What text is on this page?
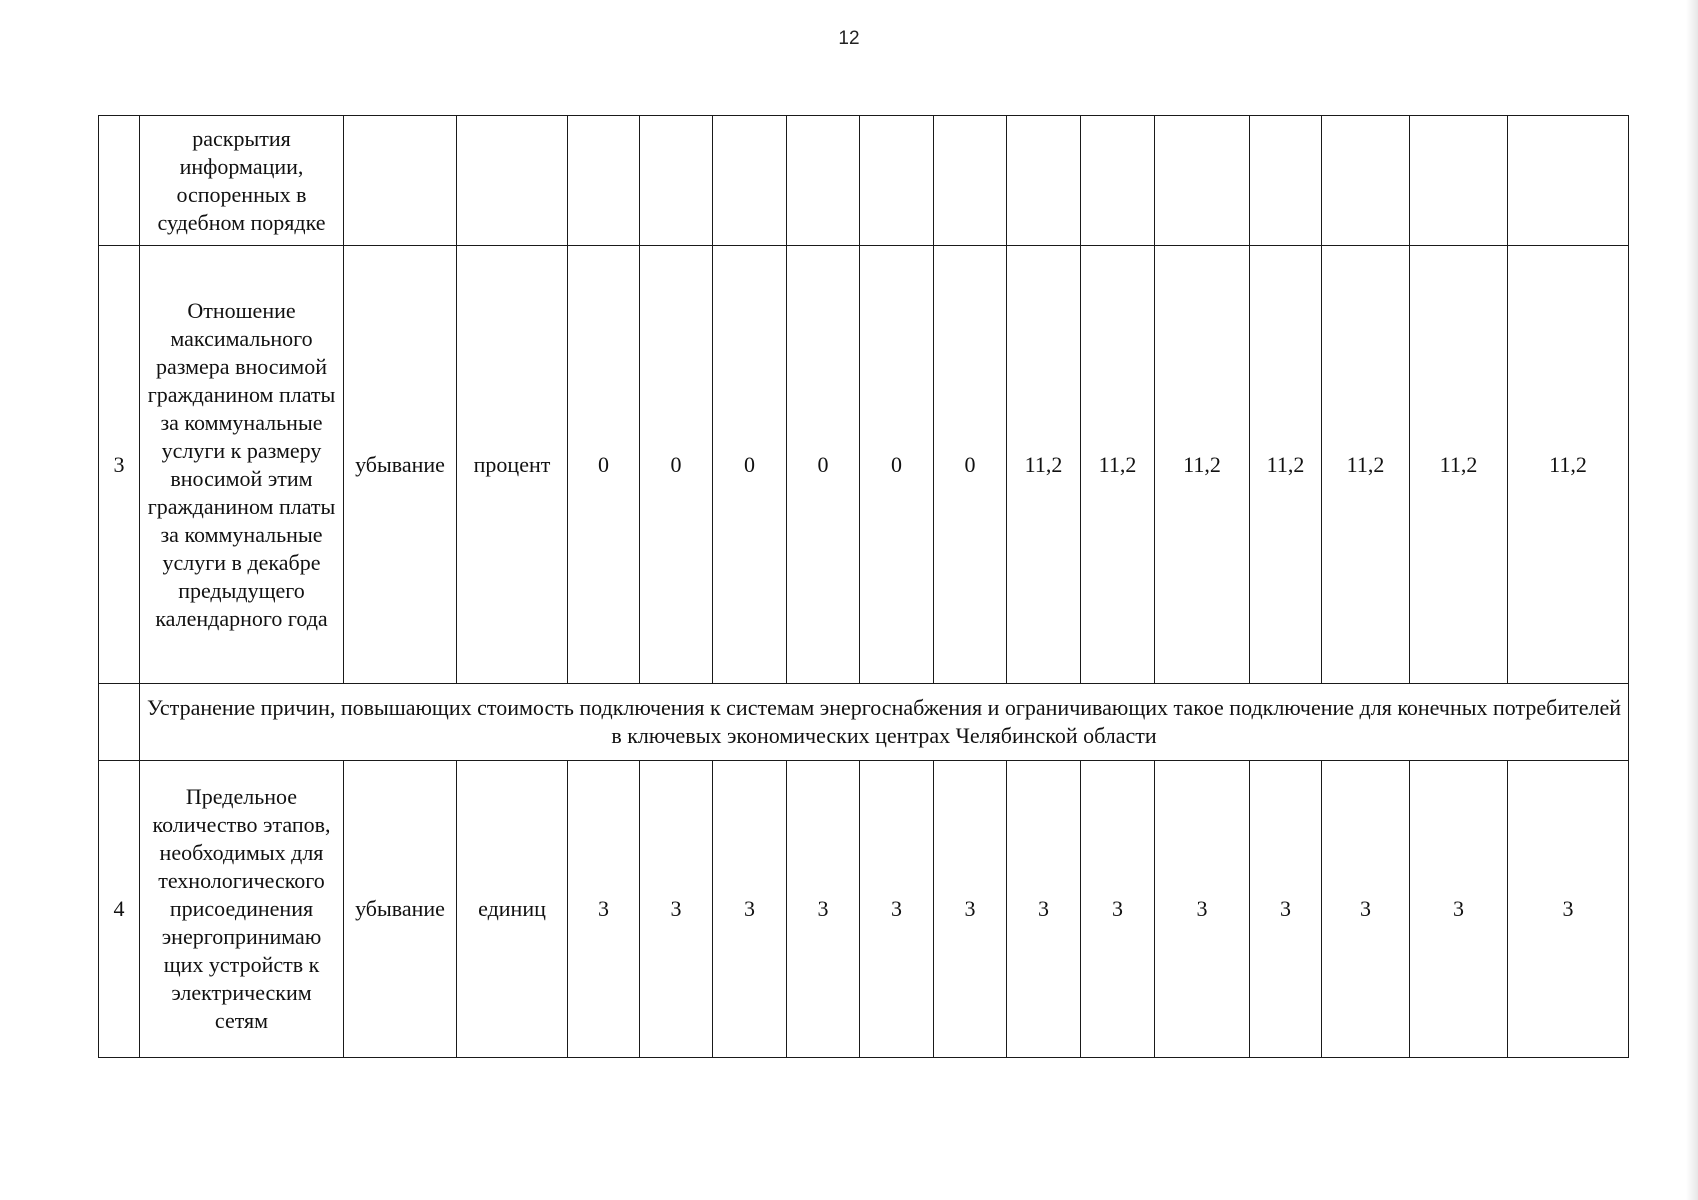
12
	раскрытия информации, оспоренных в судебном порядке															
3	Отношение максимального размера вносимой гражданином платы за коммунальные услуги к размеру вносимой этим гражданином платы за коммунальные услуги в декабре предыдущего календарного года	убывание	процент	0	0	0	0	0	0	11,2	11,2	11,2	11,2	11,2	11,2	11,2
	Устранение причин, повышающих стоимость подключения к системам энергоснабжения и ограничивающих такое подключение для конечных потребителей в ключевых экономических центрах Челябинской области															
4	Предельное количество этапов, необходимых для технологического присоединения энергопринимаю щих устройств к электрическим сетям	убывание	единиц	3	3	3	3	3	3	3	3	3	3	3	3	3
